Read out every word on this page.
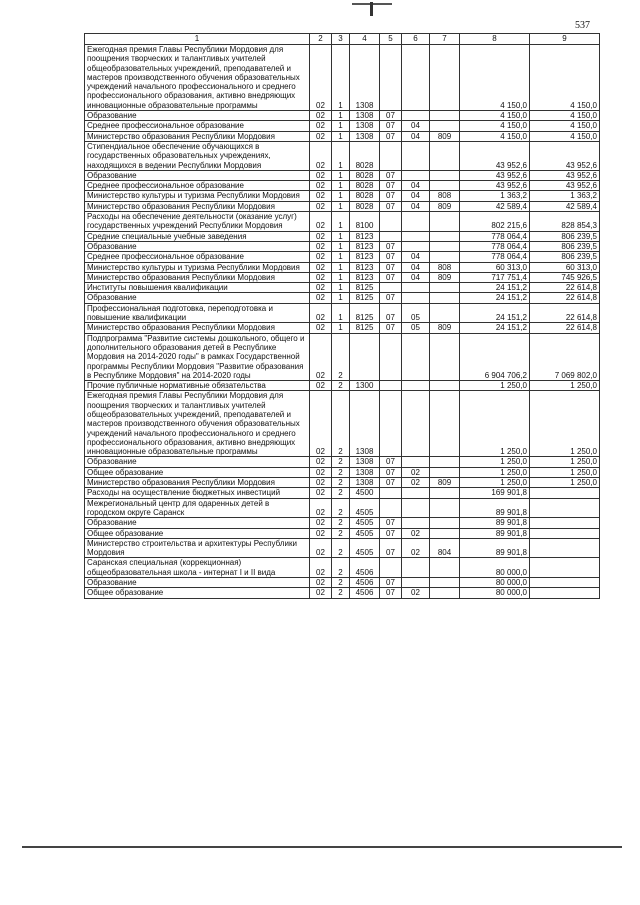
537
1	2	3	4	5	6	7	8	9
Ежегодная премия Главы Республики Мордовия для поощрения творческих и талантливых учителей общеобразовательных учреждений, преподавателей и мастеров производственного обучения образовательных учреждений начального профессионального и среднего профессионального образования, активно внедряющих инновационные образовательные программы	02	1	1308				4 150,0	4 150,0
Образование	02	1	1308	07			4 150,0	4 150,0
Среднее профессиональное образование	02	1	1308	07	04		4 150,0	4 150,0
Министерство образования Республики Мордовия	02	1	1308	07	04	809	4 150,0	4 150,0
Стипендиальное обеспечение обучающихся в государственных образовательных учреждениях, находящихся в ведении Республики Мордовия	02	1	8028				43 952,6	43 952,6
Образование	02	1	8028	07			43 952,6	43 952,6
Среднее профессиональное образование	02	1	8028	07	04		43 952,6	43 952,6
Министерство культуры и туризма Республики Мордовия	02	1	8028	07	04	808	1 363,2	1 363,2
Министерство образования Республики Мордовия	02	1	8028	07	04	809	42 589,4	42 589,4
Расходы на обеспечение деятельности (оказание услуг) государственных учреждений Республики Мордовия	02	1	8100				802 215,6	828 854,3
Средние специальные учебные заведения	02	1	8123				778 064,4	806 239,5
Образование	02	1	8123	07			778 064,4	806 239,5
Среднее профессиональное образование	02	1	8123	07	04		778 064,4	806 239,5
Министерство культуры и туризма Республики Мордовия	02	1	8123	07	04	808	60 313,0	60 313,0
Министерство образования Республики Мордовия	02	1	8123	07	04	809	717 751,4	745 926,5
Институты повышения квалификации	02	1	8125				24 151,2	22 614,8
Образование	02	1	8125	07			24 151,2	22 614,8
Профессиональная подготовка, переподготовка и повышение квалификации	02	1	8125	07	05		24 151,2	22 614,8
Министерство образования Республики Мордовия	02	1	8125	07	05	809	24 151,2	22 614,8
Подпрограмма "Развитие системы дошкольного, общего и дополнительного образования детей в Республике Мордовия на 2014-2020 годы" в рамках Государственной программы Республики Мордовия "Развитие образования в Республике Мордовия" на 2014-2020 годы	02	2					6 904 706,2	7 069 802,0
Прочие публичные нормативные обязательства	02	2	1300				1 250,0	1 250,0
Ежегодная премия Главы Республики Мордовия для поощрения творческих и талантливых учителей общеобразовательных учреждений, преподавателей и мастеров производственного обучения образовательных учреждений начального профессионального и среднего профессионального образования, активно внедряющих инновационные образовательные программы	02	2	1308				1 250,0	1 250,0
Образование	02	2	1308	07			1 250,0	1 250,0
Общее образование	02	2	1308	07	02		1 250,0	1 250,0
Министерство образования Республики Мордовия	02	2	1308	07	02	809	1 250,0	1 250,0
Расходы на осуществление бюджетных инвестиций	02	2	4500				169 901,8	
Межрегиональный центр для одаренных детей в городском округе Саранск	02	2	4505				89 901,8	
Образование	02	2	4505	07			89 901,8	
Общее образование	02	2	4505	07	02		89 901,8	
Министерство строительства и архитектуры Республики Мордовия	02	2	4505	07	02	804	89 901,8	
Саранская специальная (коррекционная) общеобразовательная школа - интернат I и II вида	02	2	4506				80 000,0	
Образование	02	2	4506	07			80 000,0	
Общее образование	02	2	4506	07	02		80 000,0	
